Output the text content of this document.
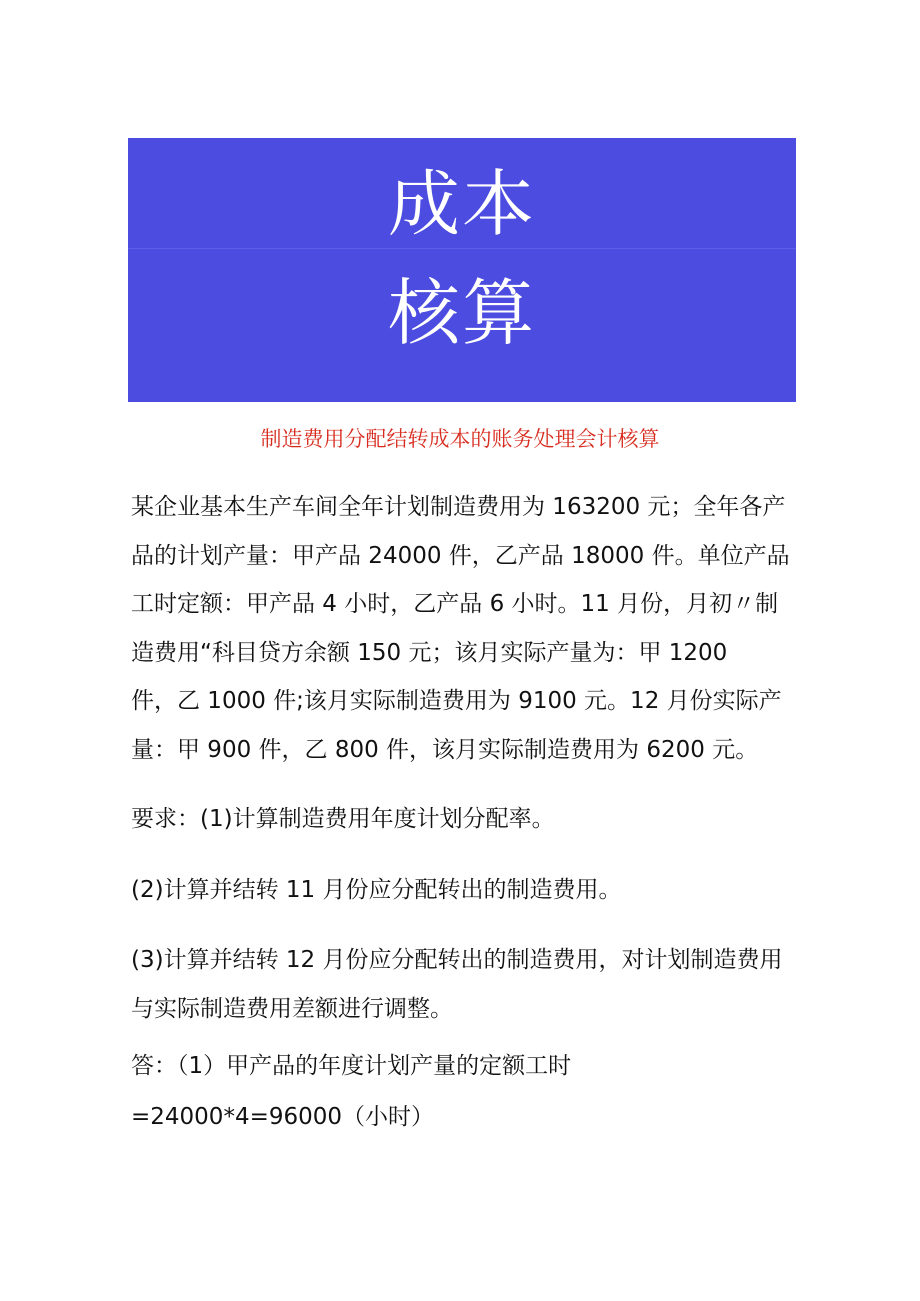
成本
核算
制造费用分配结转成本的账务处理会计核算
某企业基本生产车间全年计划制造费用为 163200 元；全年各产
品的计划产量：甲产品 24000 件，乙产品 18000 件。单位产品
工时定额：甲产品 4 小时，乙产品 6 小时。11 月份，月初〃制
造费用“科目贷方余额 150 元；该月实际产量为：甲 1200
件，乙 1000 件;该月实际制造费用为 9100 元。12 月份实际产
量：甲 900 件，乙 800 件，该月实际制造费用为 6200 元。
要求：(1)计算制造费用年度计划分配率。
(2)计算并结转 11 月份应分配转出的制造费用。
(3)计算并结转 12 月份应分配转出的制造费用，对计划制造费用
与实际制造费用差额进行调整。
答：（1）甲产品的年度计划产量的定额工时
=24000*4=96000（小时）
